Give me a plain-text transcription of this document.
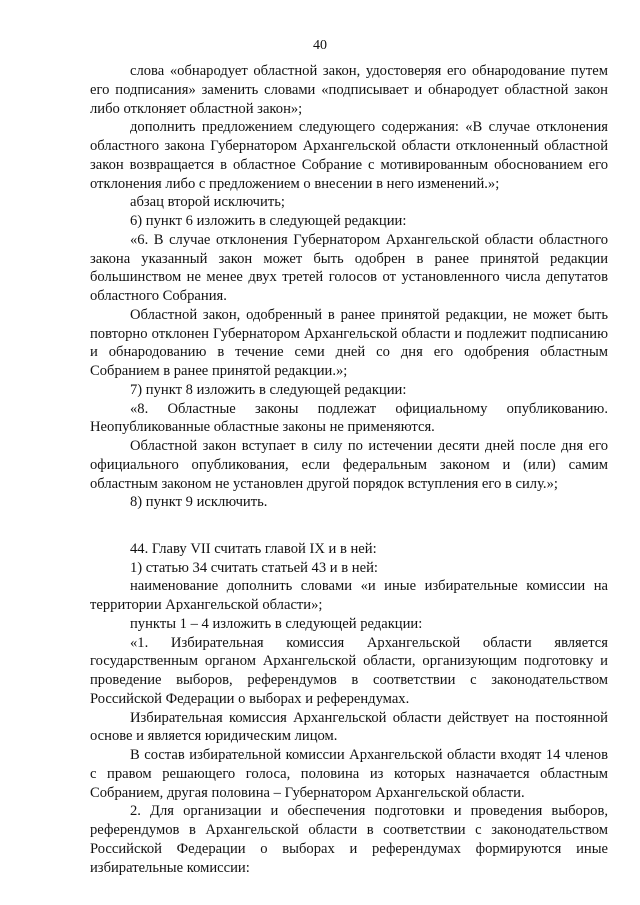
40

слова «обнародует областной закон, удостоверяя его обнародование путем его подписания» заменить словами «подписывает и обнародует областной закон либо отклоняет областной закон»;

дополнить предложением следующего содержания: «В случае отклонения областного закона Губернатором Архангельской области отклоненный областной закон возвращается в областное Собрание с мотивированным обоснованием его отклонения либо с предложением о внесении в него изменений.»;

абзац второй исключить;

6) пункт 6 изложить в следующей редакции:

«6. В случае отклонения Губернатором Архангельской области областного закона указанный закон может быть одобрен в ранее принятой редакции большинством не менее двух третей голосов от установленного числа депутатов областного Собрания.

Областной закон, одобренный в ранее принятой редакции, не может быть повторно отклонен Губернатором Архангельской области и подлежит подписанию и обнародованию в течение семи дней со дня его одобрения областным Собранием в ранее принятой редакции.»;

7) пункт 8 изложить в следующей редакции:

«8. Областные законы подлежат официальному опубликованию. Неопубликованные областные законы не применяются.

Областной закон вступает в силу по истечении десяти дней после дня его официального опубликования, если федеральным законом и (или) самим областным законом не установлен другой порядок вступления его в силу.»;

8) пункт 9 исключить.

44. Главу VII считать главой IX и в ней:

1) статью 34 считать статьей 43 и в ней:

наименование дополнить словами «и иные избирательные комиссии на территории Архангельской области»;

пункты 1 – 4 изложить в следующей редакции:

«1. Избирательная комиссия Архангельской области является государственным органом Архангельской области, организующим подготовку и проведение выборов, референдумов в соответствии с законодательством Российской Федерации о выборах и референдумах.

Избирательная комиссия Архангельской области действует на постоянной основе и является юридическим лицом.

В состав избирательной комиссии Архангельской области входят 14 членов с правом решающего голоса, половина из которых назначается областным Собранием, другая половина – Губернатором Архангельской области.

2. Для организации и обеспечения подготовки и проведения выборов, референдумов в Архангельской области в соответствии с законодательством Российской Федерации о выборах и референдумах формируются иные избирательные комиссии:
